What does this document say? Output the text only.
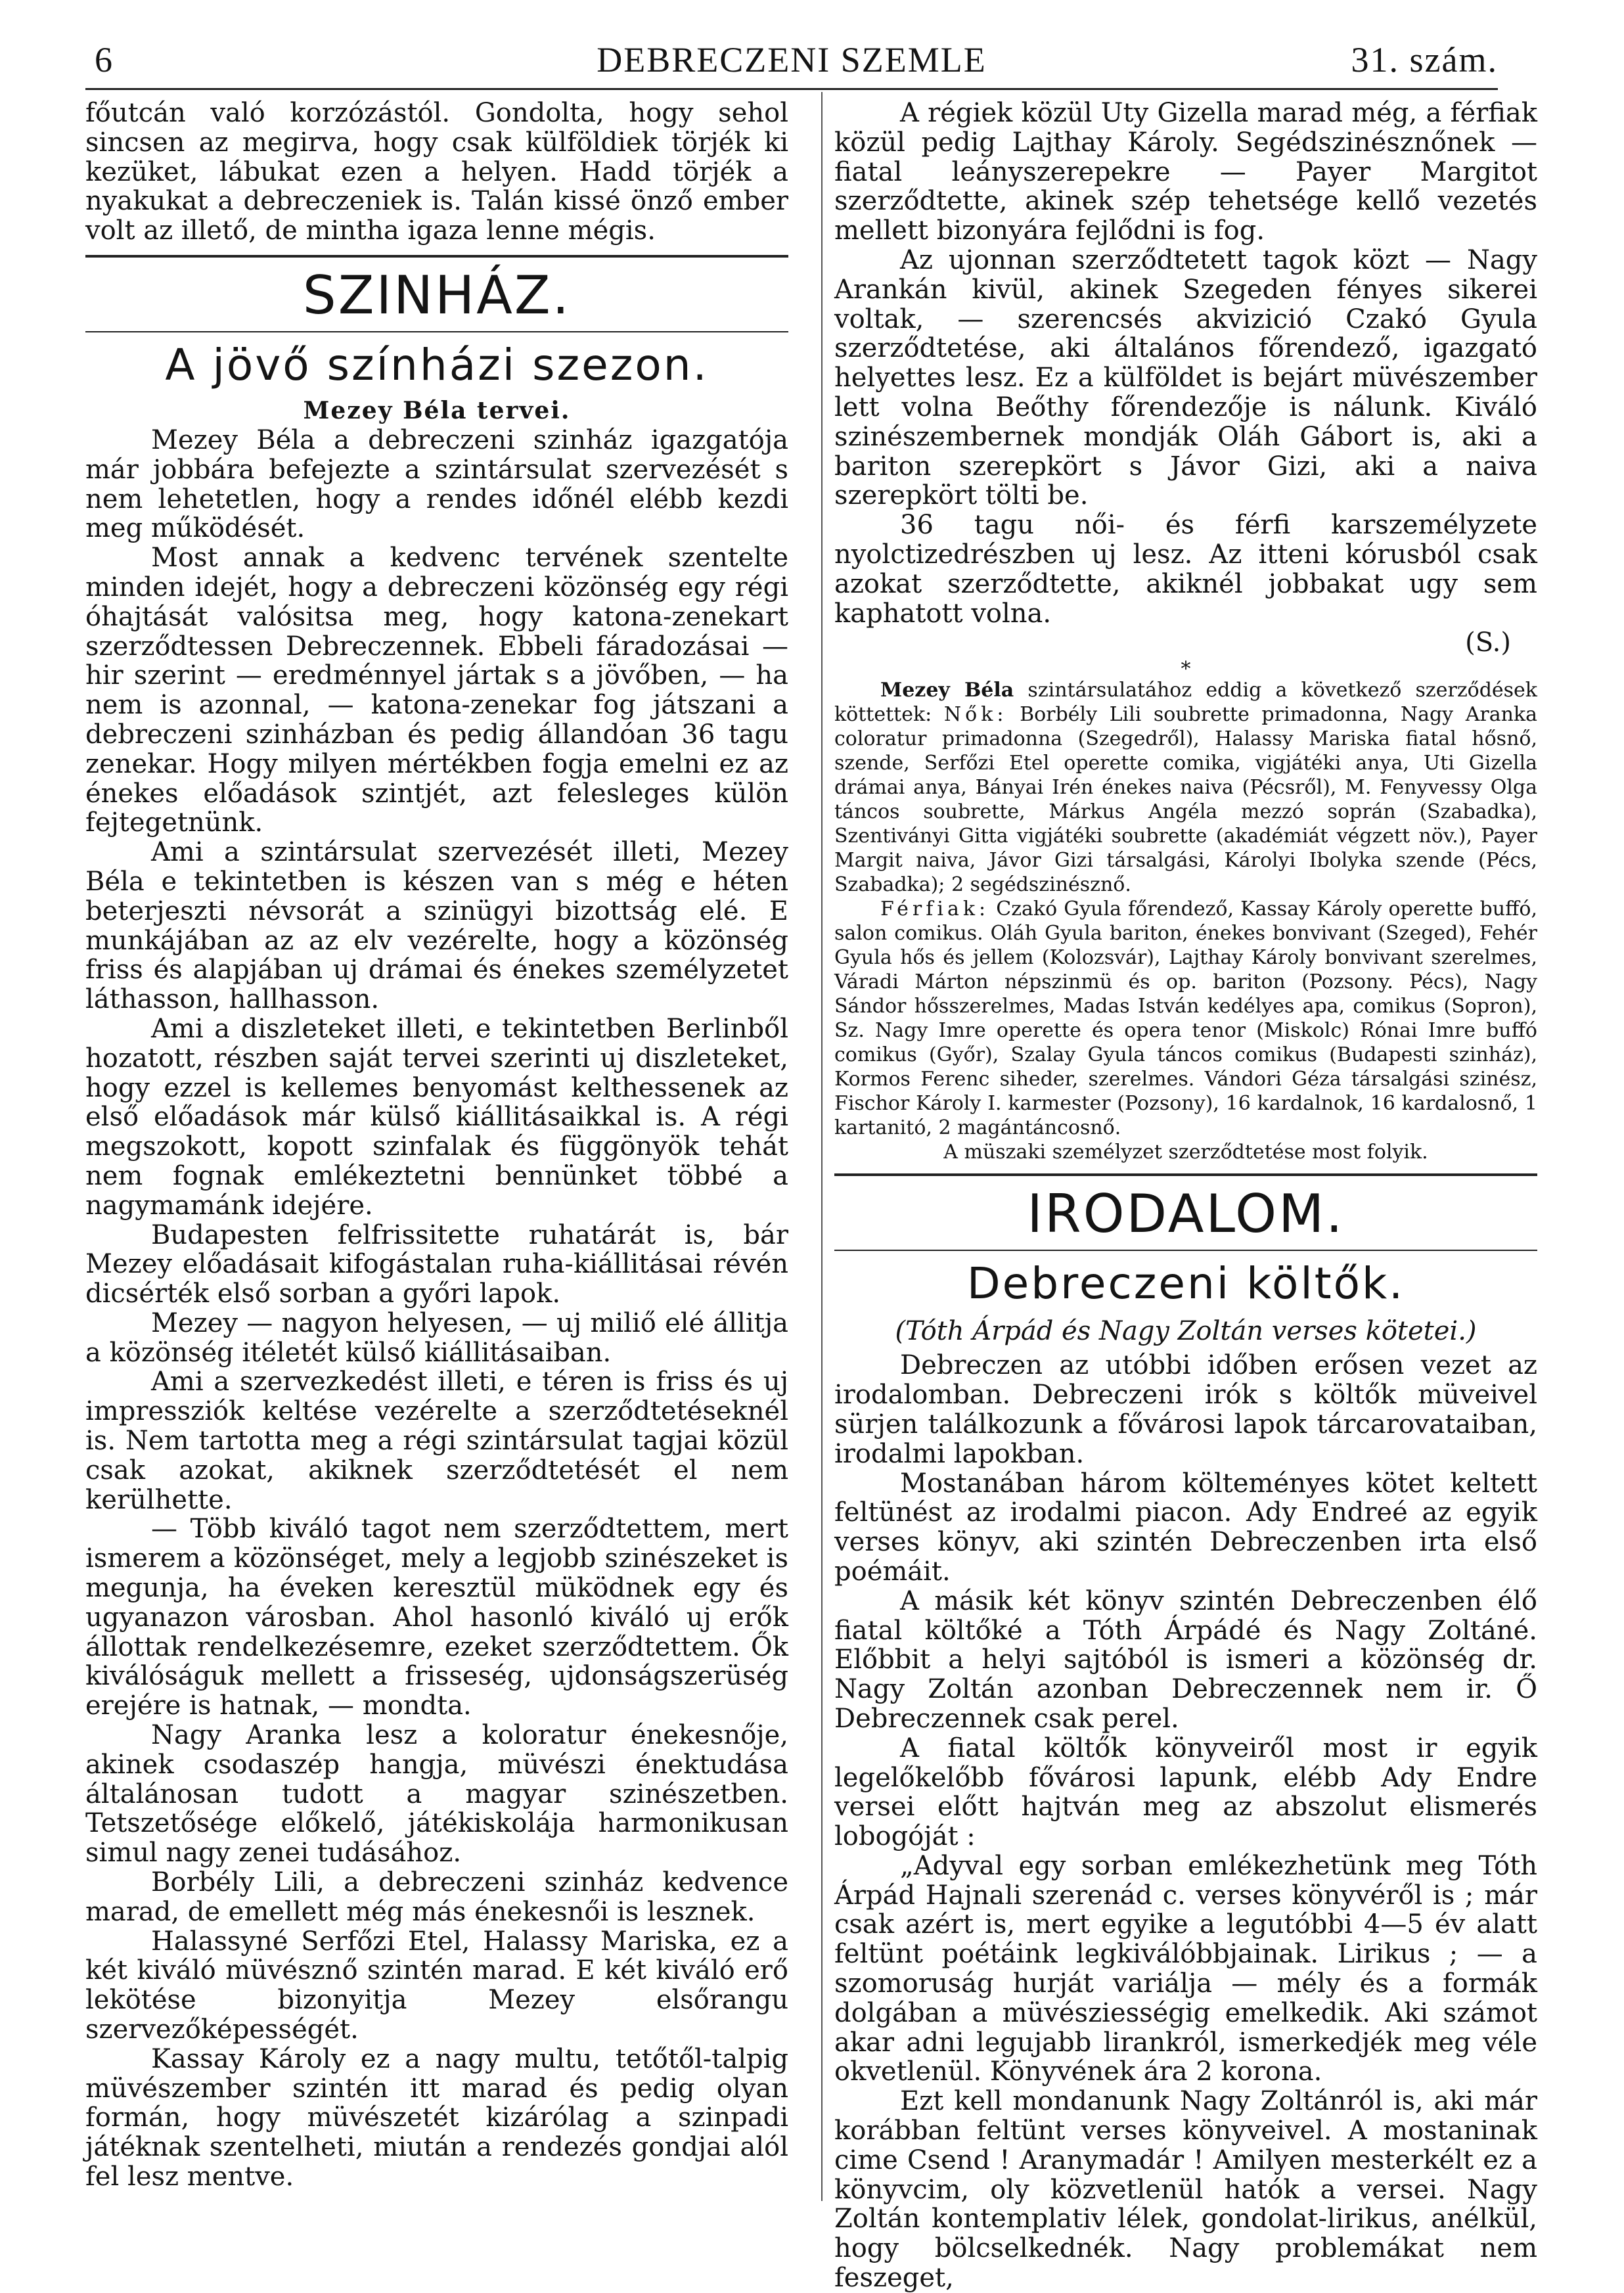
6	DEBRECZENI SZEMLE	31. szám.

főutcán való korzózástól. Gondolta, hogy sehol sincsen az megirva, hogy csak külföldiek törjék ki kezüket, lábukat ezen a helyen. Hadd törjék a nyakukat a debreczeniek is. Talán kissé önző ember volt az illető, de mintha igaza lenne mégis.

SZINHÁZ.
A jövő színházi szezon.
Mezey Béla tervei.

Mezey Béla a debreczeni szinház igazgatója már jobbára befejezte a szintársulat szervezését s nem lehetetlen, hogy a rendes időnél elébb kezdi meg működését.

Most annak a kedvenc tervének szentelte minden idejét, hogy a debreczeni közönség egy régi óhajtását valósitsa meg, hogy katona-zenekart szerződtessen Debreczennek. Ebbeli fáradozásai — hir szerint — eredménnyel jártak s a jövőben, — ha nem is azonnal, — katona-zenekar fog játszani a debreczeni szinházban és pedig állandóan 36 tagu zenekar. Hogy milyen mértékben fogja emelni ez az énekes előadások szintjét, azt felesleges külön fejtegetnünk.

Ami a szintársulat szervezését illeti, Mezey Béla e tekintetben is készen van s még e héten beterjeszti névsorát a szinügyi bizottság elé. E munkájában az az elv vezérelte, hogy a közönség friss és alapjában uj drámai és énekes személyzetet láthasson, hallhasson.

Ami a diszleteket illeti, e tekintetben Berlinből hozatott, részben saját tervei szerinti uj diszleteket, hogy ezzel is kellemes benyomást kelthessenek az első előadások már külső kiállitásaikkal is. A régi megszokott, kopott szinfalak és függönyök tehát nem fognak emlékeztetni bennünket többé a nagymamánk idejére.

Budapesten felfrissitette ruhatárát is, bár Mezey előadásait kifogástalan ruha-kiállitásai révén dicsérték első sorban a győri lapok.

Mezey — nagyon helyesen, — uj miliő elé állitja a közönség itéletét külső kiállitásaiban.

Ami a szervezkedést illeti, e téren is friss és uj impressziók keltése vezérelte a szerződtetéseknél is. Nem tartotta meg a régi szintársulat tagjai közül csak azokat, akiknek szerződtetését el nem kerülhette.

— Több kiváló tagot nem szerződtettem, mert ismerem a közönséget, mely a legjobb szinészeket is megunja, ha éveken keresztül müködnek egy és ugyanazon városban. Ahol hasonló kiváló uj erők állottak rendelkezésemre, ezeket szerződtettem. Ők kiválóságuk mellett a frisseség, ujdonságszerüség erejére is hatnak, — mondta.

Nagy Aranka lesz a koloratur énekesnője, akinek csodaszép hangja, müvészi énektudása általánosan tudott a magyar szinészetben. Tetszetősége előkelő, játékiskolája harmonikusan simul nagy zenei tudásához.

Borbély Lili, a debreczeni szinház kedvence marad, de emellett még más énekesnői is lesznek.

Halassyné Serfőzi Etel, Halassy Mariska, ez a két kiváló müvésznő szintén marad. E két kiváló erő lekötése bizonyitja Mezey elsőrangu szervezőképességét.

Kassay Károly ez a nagy multu, tetőtől-talpig müvészember szintén itt marad és pedig olyan formán, hogy müvészetét kizárólag a szinpadi játéknak szentelheti, miután a rendezés gondjai alól fel lesz mentve.

A régiek közül Uty Gizella marad még, a férfiak közül pedig Lajthay Károly. Segédszinésznőnek — fiatal leányszerepekre — Payer Margitot szerződtette, akinek szép tehetsége kellő vezetés mellett bizonyára fejlődni is fog.

Az ujonnan szerződtetett tagok közt — Nagy Arankán kivül, akinek Szegeden fényes sikerei voltak, — szerencsés akvizició Czakó Gyula szerződtetése, aki általános főrendező, igazgató helyettes lesz. Ez a külföldet is bejárt müvészember lett volna Beőthy főrendezője is nálunk. Kiváló szinészembernek mondják Oláh Gábort is, aki a bariton szerepkört s Jávor Gizi, aki a naiva szerepkört tölti be.

36 tagu női- és férfi karszemélyzete nyolctizedrészben uj lesz. Az itteni kórusból csak azokat szerződtette, akiknél jobbakat ugy sem kaphatott volna.

(S.)
*

Mezey Béla szintársulatához eddig a következő szerződések köttettek: Nők: Borbély Lili soubrette primadonna, Nagy Aranka coloratur primadonna (Szegedről), Halassy Mariska fiatal hősnő, szende, Serfőzi Etel operette comika, vigjátéki anya, Uti Gizella drámai anya, Bányai Irén énekes naiva (Pécsről), M. Fenyvessy Olga táncos soubrette, Márkus Angéla mezzó soprán (Szabadka), Szentiványi Gitta vigjátéki soubrette (akadémiát végzett növ.), Payer Margit naiva, Jávor Gizi társalgási, Károlyi Ibolyka szende (Pécs, Szabadka); 2 segédszinésznő.

Férfiak: Czakó Gyula főrendező, Kassay Károly operette buffó, salon comikus. Oláh Gyula bariton, énekes bonvivant (Szeged), Fehér Gyula hős és jellem (Kolozsvár), Lajthay Károly bonvivant szerelmes, Váradi Márton népszinmü és op. bariton (Pozsony. Pécs), Nagy Sándor hősszerelmes, Madas István kedélyes apa, comikus (Sopron), Sz. Nagy Imre operette és opera tenor (Miskolc) Rónai Imre buffó comikus (Győr), Szalay Gyula táncos comikus (Budapesti szinház), Kormos Ferenc siheder, szerelmes. Vándori Géza társalgási szinész, Fischor Károly I. karmester (Pozsony), 16 kardalnok, 16 kardalosnő, 1 kartanitó, 2 magántáncosnő.

A müszaki személyzet szerződtetése most folyik.
IRODALOM.
Debreczeni költők.
(Tóth Árpád és Nagy Zoltán verses kötetei.)

Debreczen az utóbbi időben erősen vezet az irodalomban. Debreczeni irók s költők müveivel sürjen találkozunk a fővárosi lapok tárcarovataiban, irodalmi lapokban.

Mostanában három költeményes kötet keltett feltünést az irodalmi piacon. Ady Endreé az egyik verses könyv, aki szintén Debreczenben irta első poémáit.

A másik két könyv szintén Debreczenben élő fiatal költőké a Tóth Árpádé és Nagy Zoltáné. Előbbit a helyi sajtóból is ismeri a közönség dr. Nagy Zoltán azonban Debreczennek nem ir. Ő Debreczennek csak perel.

A fiatal költők könyveiről most ir egyik legelőkelőbb fővárosi lapunk, elébb Ady Endre versei előtt hajtván meg az abszolut elismerés lobogóját :

„Adyval egy sorban emlékezhetünk meg Tóth Árpád Hajnali szerenád c. verses könyvéről is ; már csak azért is, mert egyike a legutóbbi 4—5 év alatt feltünt poétáink legkiválóbbjainak. Lirikus ; — a szomoruság hurját variálja — mély és a formák dolgában a müvésziességig emelkedik. Aki számot akar adni legujabb lirankról, ismerkedjék meg véle okvetlenül. Könyvének ára 2 korona.

Ezt kell mondanunk Nagy Zoltánról is, aki már korábban feltünt verses könyveivel. A mostaninak cime Csend ! Aranymadár ! Amilyen mesterkélt ez a könyvcim, oly közvetlenül hatók a versei. Nagy Zoltán kontemplativ lélek, gondolat-lirikus, anélkül, hogy bölcselkednék. Nagy problemákat nem feszeget,
